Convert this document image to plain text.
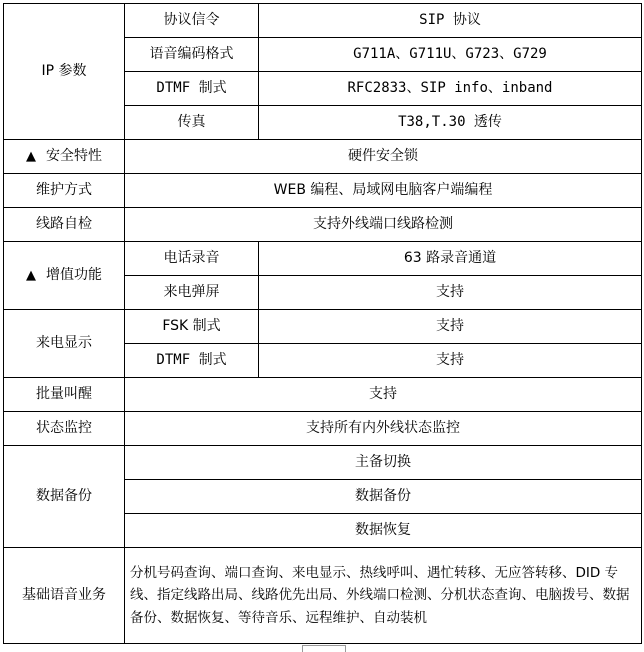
IP 参数	协议信令	SIP 协议
	语音编码格式	G711A、G711U、G723、G729
	DTMF 制式	RFC2833、SIP info、inband
	传真	T38,T.30 透传
▲ 安全特性	硬件安全锁	
维护方式	WEB 编程、局域网电脑客户端编程	
线路自检	支持外线端口线路检测	
▲ 增值功能	电话录音	63 路录音通道
	来电弹屏	支持
来电显示	FSK 制式	支持
	DTMF 制式	支持
批量叫醒	支持	
状态监控	支持所有内外线状态监控	
数据备份	主备切换	
	数据备份	
	数据恢复	
基础语音业务	分机号码查询、端口查询、来电显示、热线呼叫、遇忙转移、无应答转移、DID 专线、指定线路出局、线路优先出局、外线端口检测、分机状态查询、电脑拨号、数据备份、数据恢复、等待音乐、远程维护、自动装机	
